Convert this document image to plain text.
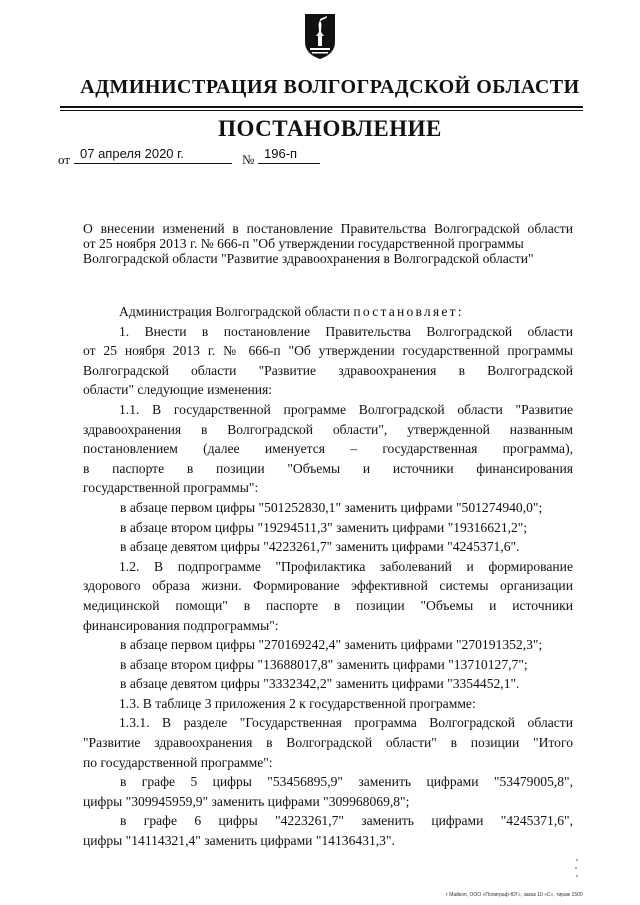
АДМИНИСТРАЦИЯ ВОЛГОГРАДСКОЙ ОБЛАСТИ
ПОСТАНОВЛЕНИЕ
от 07 апреля 2020 г.	№ 196-п
О внесении изменений в постановление Правительства Волгоградской области
от 25 ноября 2013 г. № 666-п "Об утверждении государственной программы
Волгоградской области "Развитие здравоохранения в Волгоградской области"
Администрация Волгоградской области постановляет:
1. Внести в постановление Правительства Волгоградской области
от 25 ноября 2013 г. № 666-п "Об утверждении государственной программы
Волгоградской области "Развитие здравоохранения в Волгоградской
области" следующие изменения:
1.1. В государственной программе Волгоградской области "Развитие
здравоохранения в Волгоградской области", утвержденной названным
постановлением (далее именуется – государственная программа),
в паспорте в позиции "Объемы и источники финансирования
государственной программы":
в абзаце первом цифры "501252830,1" заменить цифрами "501274940,0";
в абзаце втором цифры "19294511,3" заменить цифрами "19316621,2";
в абзаце девятом цифры "4223261,7" заменить цифрами "4245371,6".
1.2. В подпрограмме "Профилактика заболеваний и формирование
здорового образа жизни. Формирование эффективной системы организации
медицинской помощи" в паспорте в позиции "Объемы и источники
финансирования подпрограммы":
в абзаце первом цифры "270169242,4" заменить цифрами "270191352,3";
в абзаце втором цифры "13688017,8" заменить цифрами "13710127,7";
в абзаце девятом цифры "3332342,2" заменить цифрами "3354452,1".
1.3. В таблице 3 приложения 2 к государственной программе:
1.3.1. В разделе "Государственная программа Волгоградской области
"Развитие здравоохранения в Волгоградской области" в позиции "Итого
по государственной программе":
в графе 5 цифры "53456895,9" заменить цифрами "53479005,8",
цифры "309945959,9" заменить цифрами "309968069,8";
в графе 6 цифры "4223261,7" заменить цифрами "4245371,6",
цифры "14114321,4" заменить цифрами "14136431,3".
г Майкоп, ООО «Полиграф-ЮГ», заказ 10 «С», тираж 1500
